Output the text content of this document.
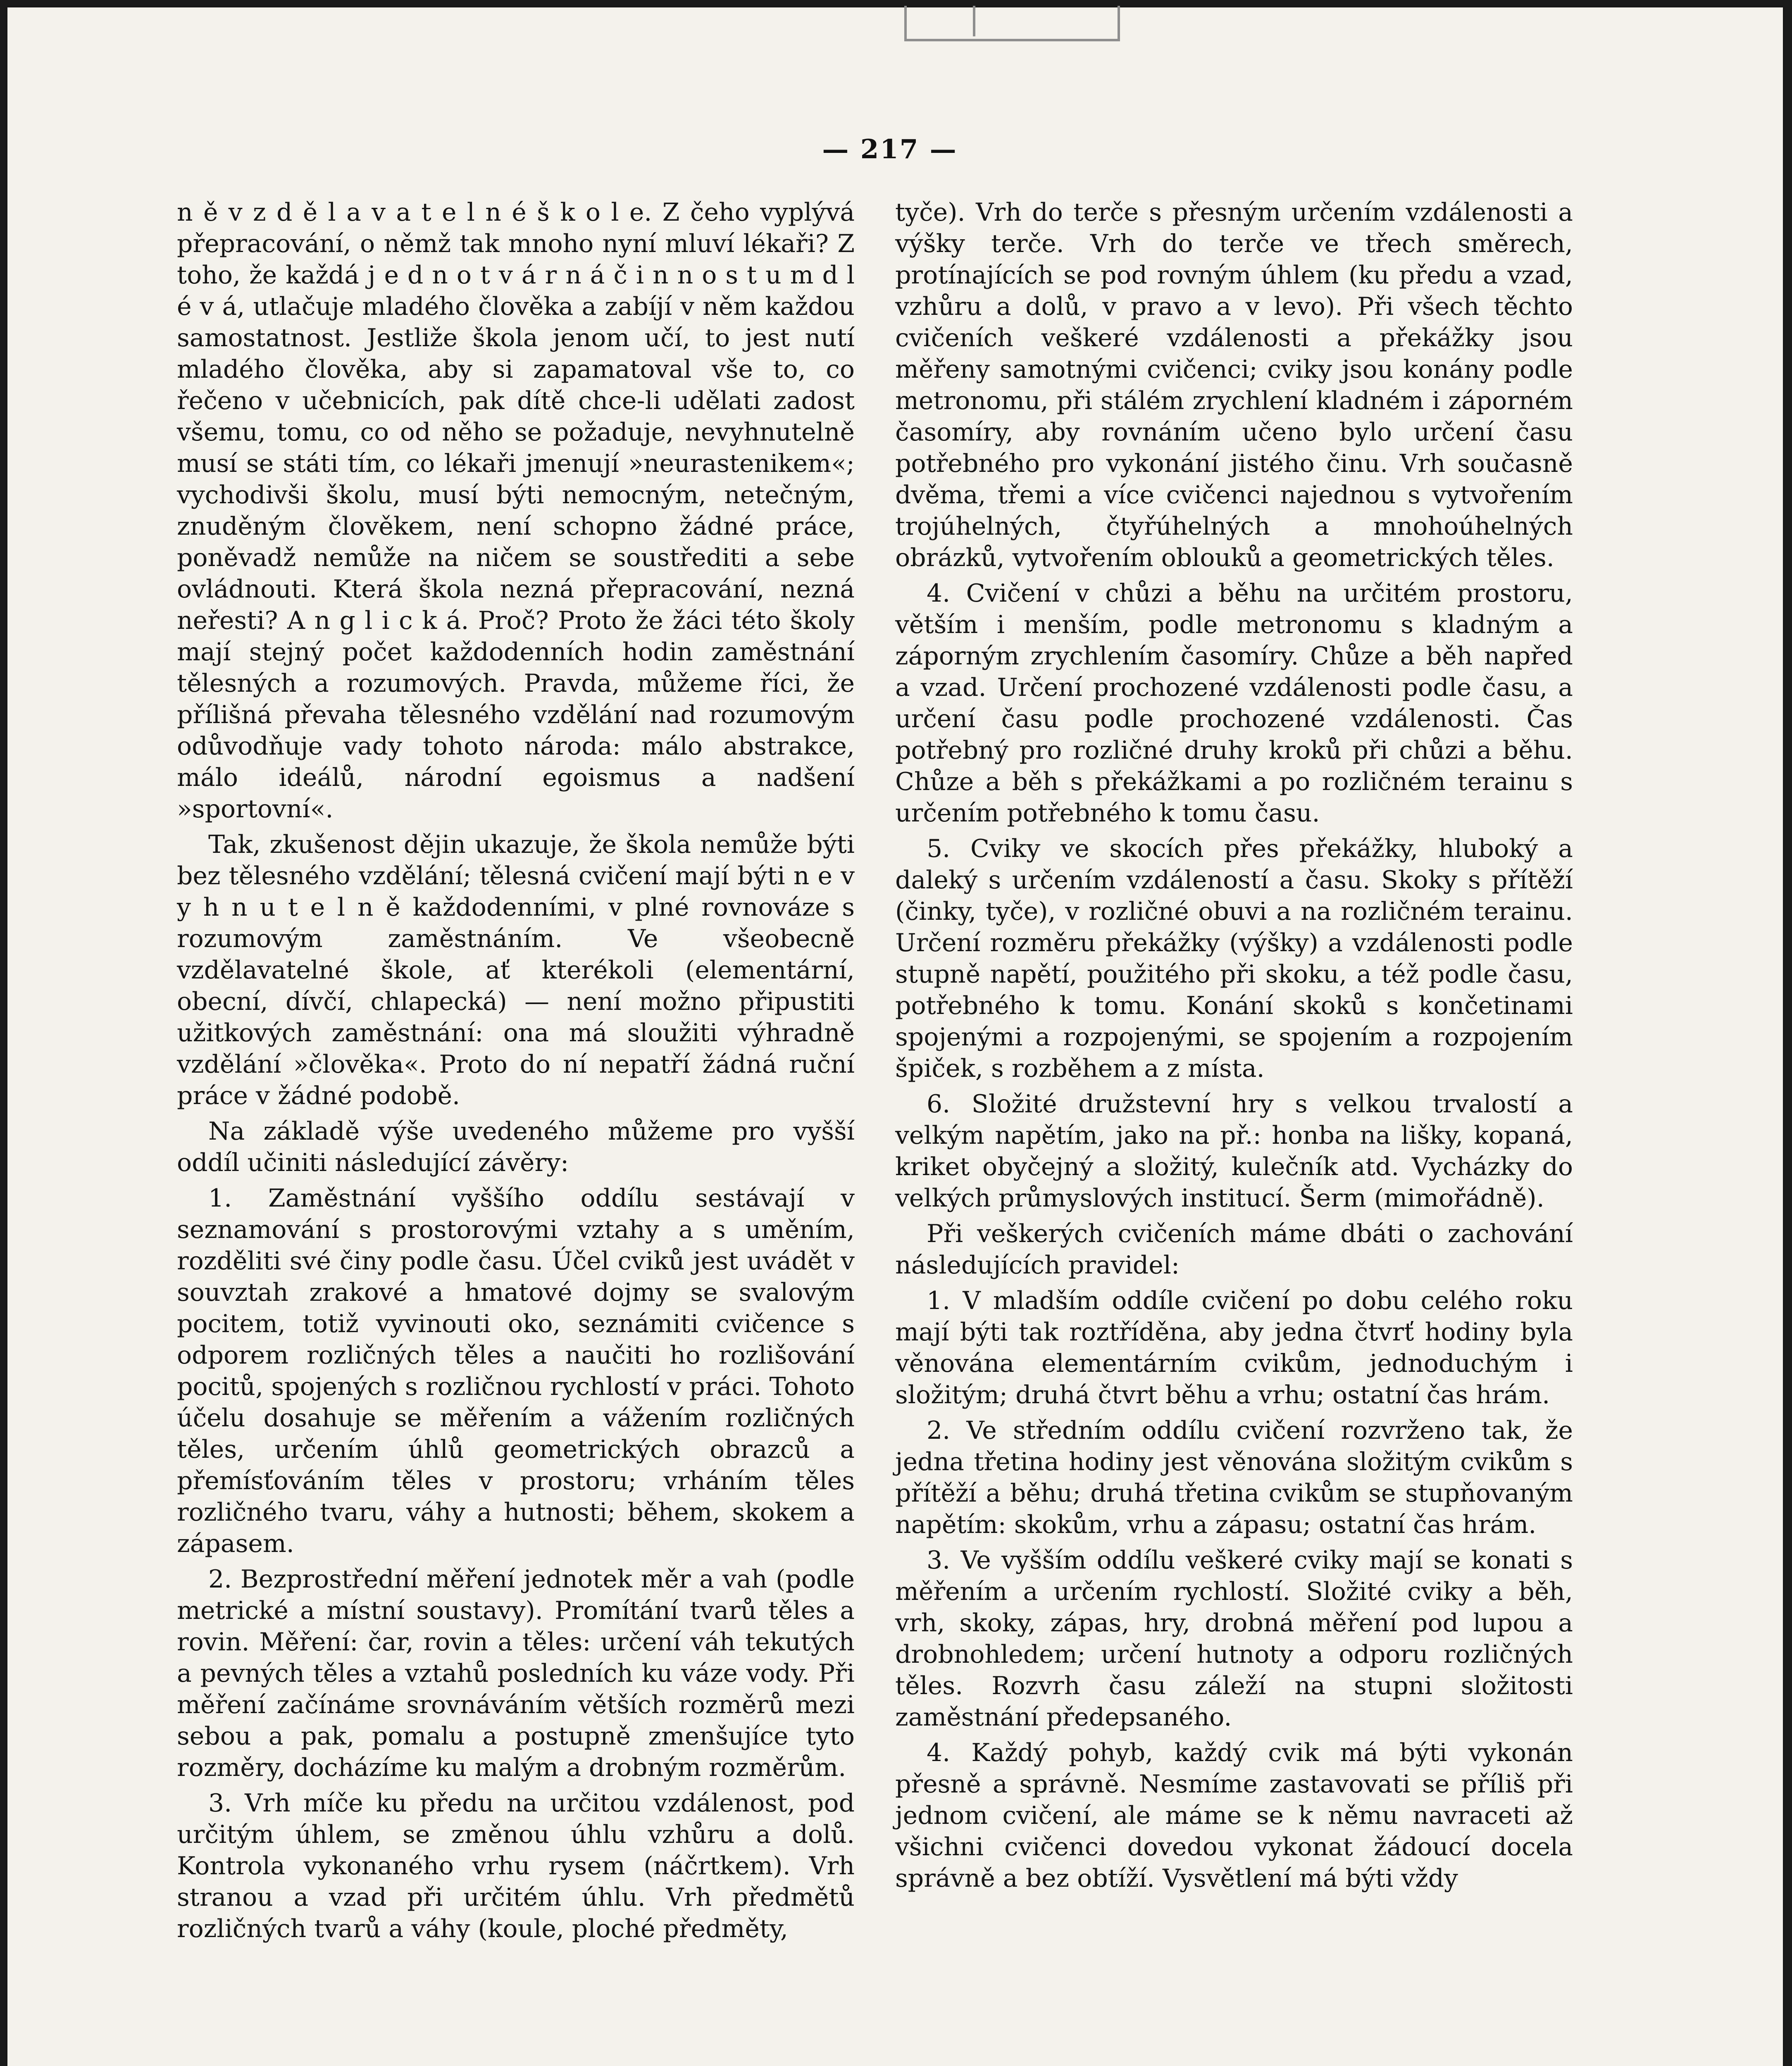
— 217 —

n ě v z d ě l a v a t e l n é š k o l e. Z čeho vyplývá přepracování, o němž tak mnoho nyní mluví lékaři? Z toho, že každá j e d n o t v á r n á č i n n o s t u m d l é v á, utlačuje mladého člověka a zabíjí v něm každou samostatnost. Jestliže škola jenom učí, to jest nutí mladého člověka, aby si zapamatoval vše to, co řečeno v učebnicích, pak dítě chce-li udělati zadost všemu, tomu, co od něho se požaduje, nevyhnutelně musí se státi tím, co lékaři jmenují »neurastenikem«; vychodivši školu, musí býti nemocným, netečným, znuděným člověkem, není schopno žádné práce, poněvadž nemůže na ničem se soustřediti a sebe ovládnouti. Která škola nezná přepracování, nezná neřesti? A n g l i c k á. Proč? Proto že žáci této školy mají stejný počet každodenních hodin zaměstnání tělesných a rozumových. Pravda, můžeme říci, že přílišná převaha tělesného vzdělání nad rozumovým odůvodňuje vady tohoto národa: málo abstrakce, málo ideálů, národní egoismus a nadšení »sportovní«.

Tak, zkušenost dějin ukazuje, že škola nemůže býti bez tělesného vzdělání; tělesná cvičení mají býti n e v y h n u t e l n ě každodenními, v plné rovnováze s rozumovým zaměstnáním. Ve všeobecně vzdělavatelné škole, ať kterékoli (elementární, obecní, dívčí, chlapecká) — není možno připustiti užitkových zaměstnání: ona má sloužiti výhradně vzdělání »člověka«. Proto do ní nepatří žádná ruční práce v žádné podobě.

Na základě výše uvedeného můžeme pro vyšší oddíl učiniti následující závěry:

1. Zaměstnání vyššího oddílu sestávají v seznamování s prostorovými vztahy a s uměním, rozděliti své činy podle času. Účel cviků jest uvádět v souvztah zrakové a hmatové dojmy se svalovým pocitem, totiž vyvinouti oko, seznámiti cvičence s odporem rozličných těles a naučiti ho rozlišování pocitů, spojených s rozličnou rychlostí v práci. Tohoto účelu dosahuje se měřením a vážením rozličných těles, určením úhlů geometrických obrazců a přemísťováním těles v prostoru; vrháním těles rozličného tvaru, váhy a hutnosti; během, skokem a zápasem.

2. Bezprostřední měření jednotek měr a vah (podle metrické a místní soustavy). Promítání tvarů těles a rovin. Měření: čar, rovin a těles: určení váh tekutých a pevných těles a vztahů posledních ku váze vody. Při měření začínáme srovnáváním větších rozměrů mezi sebou a pak, pomalu a postupně zmenšujíce tyto rozměry, docházíme ku malým a drobným rozměrům.

3. Vrh míče ku předu na určitou vzdálenost, pod určitým úhlem, se změnou úhlu vzhůru a dolů. Kontrola vykonaného vrhu rysem (náčrtkem). Vrh stranou a vzad při určitém úhlu. Vrh předmětů rozličných tvarů a váhy (koule, ploché předměty,

tyče). Vrh do terče s přesným určením vzdálenosti a výšky terče. Vrh do terče ve třech směrech, protínajících se pod rovným úhlem (ku předu a vzad, vzhůru a dolů, v pravo a v levo). Při všech těchto cvičeních veškeré vzdálenosti a překážky jsou měřeny samotnými cvičenci; cviky jsou konány podle metronomu, při stálém zrychlení kladném i záporném časomíry, aby rovnáním učeno bylo určení času potřebného pro vykonání jistého činu. Vrh současně dvěma, třemi a více cvičenci najednou s vytvořením trojúhelných, čtyřúhelných a mnohoúhelných obrázků, vytvořením oblouků a geometrických těles.

4. Cvičení v chůzi a běhu na určitém prostoru, větším i menším, podle metronomu s kladným a záporným zrychlením časomíry. Chůze a běh napřed a vzad. Určení prochozené vzdálenosti podle času, a určení času podle prochozené vzdálenosti. Čas potřebný pro rozličné druhy kroků při chůzi a běhu. Chůze a běh s překážkami a po rozličném terainu s určením potřebného k tomu času.

5. Cviky ve skocích přes překážky, hluboký a daleký s určením vzdáleností a času. Skoky s přítěží (činky, tyče), v rozličné obuvi a na rozličném terainu. Určení rozměru překážky (výšky) a vzdálenosti podle stupně napětí, použitého při skoku, a též podle času, potřebného k tomu. Konání skoků s končetinami spojenými a rozpojenými, se spojením a rozpojením špiček, s rozběhem a z místa.

6. Složité družstevní hry s velkou trvalostí a velkým napětím, jako na př.: honba na lišky, kopaná, kriket obyčejný a složitý, kulečník atd. Vycházky do velkých průmyslových institucí. Šerm (mimořádně).

Při veškerých cvičeních máme dbáti o zachování následujících pravidel:

1. V mladším oddíle cvičení po dobu celého roku mají býti tak roztříděna, aby jedna čtvrť hodiny byla věnována elementárním cvikům, jednoduchým i složitým; druhá čtvrt běhu a vrhu; ostatní čas hrám.

2. Ve středním oddílu cvičení rozvrženo tak, že jedna třetina hodiny jest věnována složitým cvikům s přítěží a běhu; druhá třetina cvikům se stupňovaným napětím: skokům, vrhu a zápasu; ostatní čas hrám.

3. Ve vyšším oddílu veškeré cviky mají se konati s měřením a určením rychlostí. Složité cviky a běh, vrh, skoky, zápas, hry, drobná měření pod lupou a drobnohledem; určení hutnoty a odporu rozličných těles. Rozvrh času záleží na stupni složitosti zaměstnání předepsaného.

4. Každý pohyb, každý cvik má býti vykonán přesně a správně. Nesmíme zastavovati se příliš při jednom cvičení, ale máme se k němu navraceti až všichni cvičenci dovedou vykonat žádoucí docela správně a bez obtíží. Vysvětlení má býti vždy
